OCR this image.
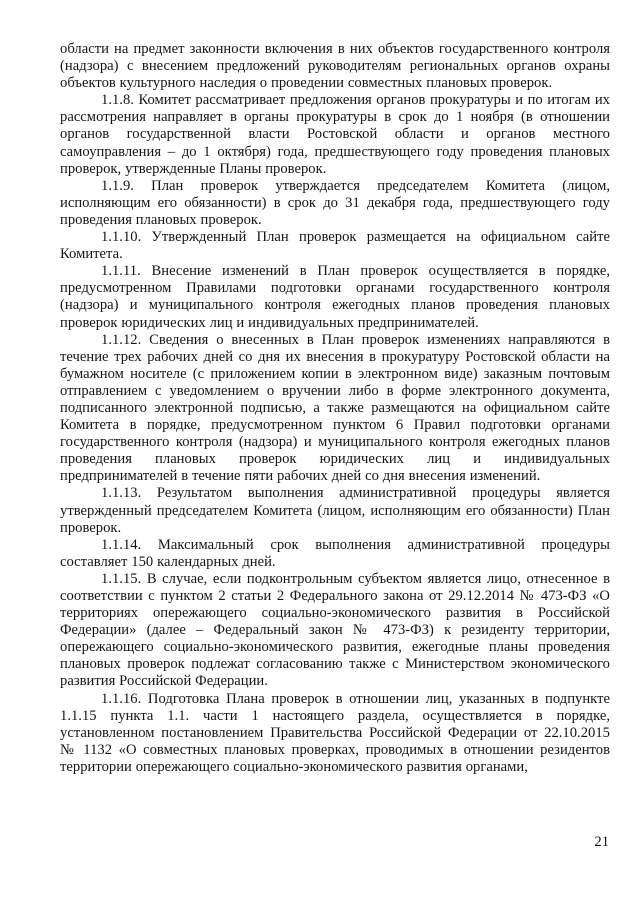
области на предмет законности включения в них объектов государственного контроля (надзора) с внесением предложений руководителям региональных органов охраны объектов культурного наследия о проведении совместных плановых проверок.

1.1.8. Комитет рассматривает предложения органов прокуратуры и по итогам их рассмотрения направляет в органы прокуратуры в срок до 1 ноября (в отношении органов государственной власти Ростовской области и органов местного самоуправления – до 1 октября) года, предшествующего году проведения плановых проверок, утвержденные Планы проверок.

1.1.9. План проверок утверждается председателем Комитета (лицом, исполняющим его обязанности) в срок до 31 декабря года, предшествующего году проведения плановых проверок.

1.1.10. Утвержденный План проверок размещается на официальном сайте Комитета.

1.1.11. Внесение изменений в План проверок осуществляется в порядке, предусмотренном Правилами подготовки органами государственного контроля (надзора) и муниципального контроля ежегодных планов проведения плановых проверок юридических лиц и индивидуальных предпринимателей.

1.1.12. Сведения о внесенных в План проверок изменениях направляются в течение трех рабочих дней со дня их внесения в прокуратуру Ростовской области на бумажном носителе (с приложением копии в электронном виде) заказным почтовым отправлением с уведомлением о вручении либо в форме электронного документа, подписанного электронной подписью, а также размещаются на официальном сайте Комитета в порядке, предусмотренном пунктом 6 Правил подготовки органами государственного контроля (надзора) и муниципального контроля ежегодных планов проведения плановых проверок юридических лиц и индивидуальных предпринимателей в течение пяти рабочих дней со дня внесения изменений.

1.1.13. Результатом выполнения административной процедуры является утвержденный председателем Комитета (лицом, исполняющим его обязанности) План проверок.

1.1.14. Максимальный срок выполнения административной процедуры составляет 150 календарных дней.

1.1.15. В случае, если подконтрольным субъектом является лицо, отнесенное в соответствии с пунктом 2 статьи 2 Федерального закона от 29.12.2014 № 473-ФЗ «О территориях опережающего социально-экономического развития в Российской Федерации» (далее – Федеральный закон № 473-ФЗ) к резиденту территории, опережающего социально-экономического развития, ежегодные планы проведения плановых проверок подлежат согласованию также с Министерством экономического развития Российской Федерации.

1.1.16. Подготовка Плана проверок в отношении лиц, указанных в подпункте 1.1.15 пункта 1.1. части 1 настоящего раздела, осуществляется в порядке, установленном постановлением Правительства Российской Федерации от 22.10.2015 № 1132 «О совместных плановых проверках, проводимых в отношении резидентов территории опережающего социально-экономического развития органами,

21
